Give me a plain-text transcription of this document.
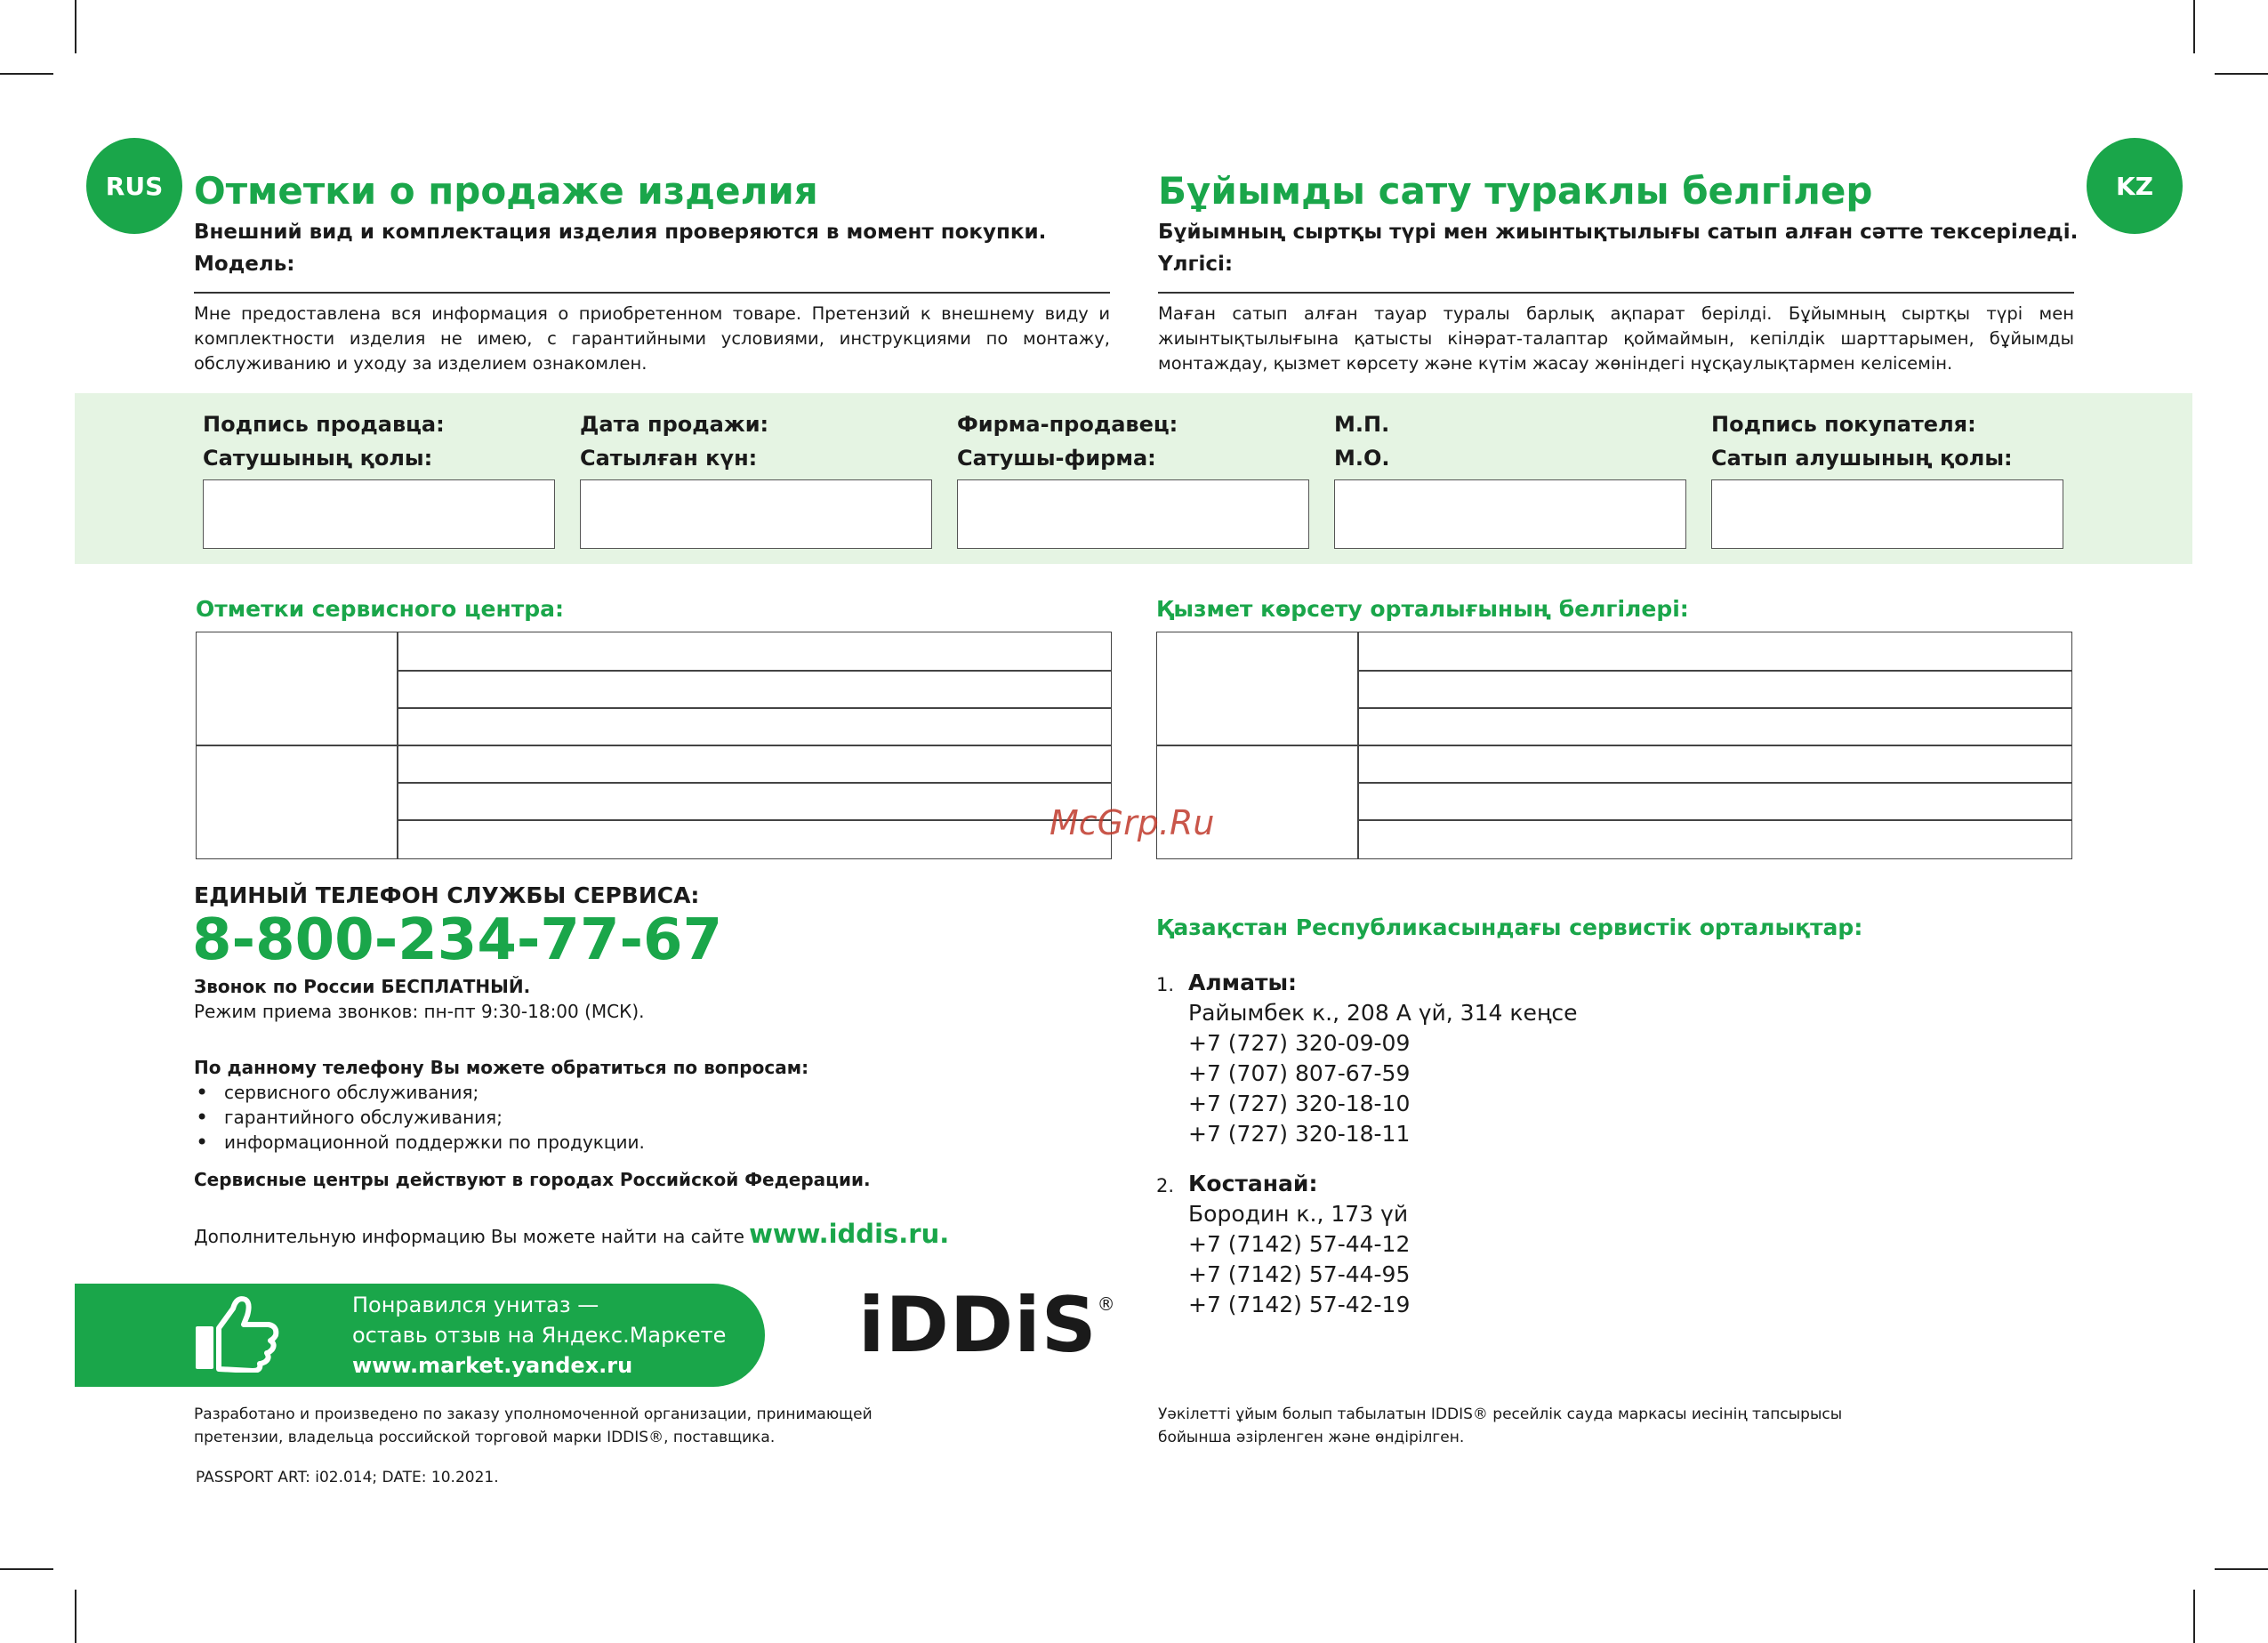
RUS	KZ
Отметки о продаже изделия
Внешний вид и комплектация изделия проверяются в момент покупки.
Модель:
Мне предоставлена вся информация о приобретенном товаре. Претензий к внешнему виду и комплектности изделия не имею, с гарантийными условиями, инструкциями по монтажу, обслуживанию и уходу за изделием ознакомлен.
Бұйымды сату тураклы белгілер
Бұйымның сыртқы түрі мен жиынтықтылығы сатып алған сәтте тексеріледі.
Үлгісі:
Маған сатып алған тауар туралы барлық ақпарат берілді. Бұйымның сыртқы түрі мен жиынтықтылығына қатысты кінәрат-талаптар қоймаймын, кепілдік шарттарымен, бұйымды монтаждау, қызмет көрсету және күтім жасау жөніндегі нұсқаулықтармен келісемін.
Подпись продавца:
Сатушының қолы:
Дата продажи:
Сатылған күн:
Фирма-продавец:
Сатушы-фирма:
М.П.
М.О.
Подпись покупателя:
Сатып алушының қолы:
Отметки сервисного центра:	Қызмет көрсету орталығының белгілері:
McGrp.Ru
ЕДИНЫЙ ТЕЛЕФОН СЛУЖБЫ СЕРВИСА:
8-800-234-77-67
Звонок по России БЕСПЛАТНЫЙ.
Режим приема звонков: пн-пт 9:30-18:00 (МСК).
По данному телефону Вы можете обратиться по вопросам:
• сервисного обслуживания;
• гарантийного обслуживания;
• информационной поддержки по продукции.
Сервисные центры действуют в городах Российской Федерации.
Дополнительную информацию Вы можете найти на сайте www.iddis.ru.
Қазақстан Республикасындағы сервистік орталықтар:
1. Алматы:
Райымбек к., 208 А үй, 314 кеңсе
+7 (727) 320-09-09
+7 (707) 807-67-59
+7 (727) 320-18-10
+7 (727) 320-18-11
2. Костанай:
Бородин к., 173 үй
+7 (7142) 57-44-12
+7 (7142) 57-44-95
+7 (7142) 57-42-19
Понравился унитаз —
оставь отзыв на Яндекс.Маркете
www.market.yandex.ru	iDDiS®
Разработано и произведено по заказу уполномоченной организации, принимающей
претензии, владельца российской торговой марки IDDIS®, поставщика.
Уәкілетті ұйым болып табылатын IDDIS® ресейлік сауда маркасы иесінің тапсырысы
бойынша әзірленген және өндірілген.
PASSPORT ART: i02.014; DATE: 10.2021.
